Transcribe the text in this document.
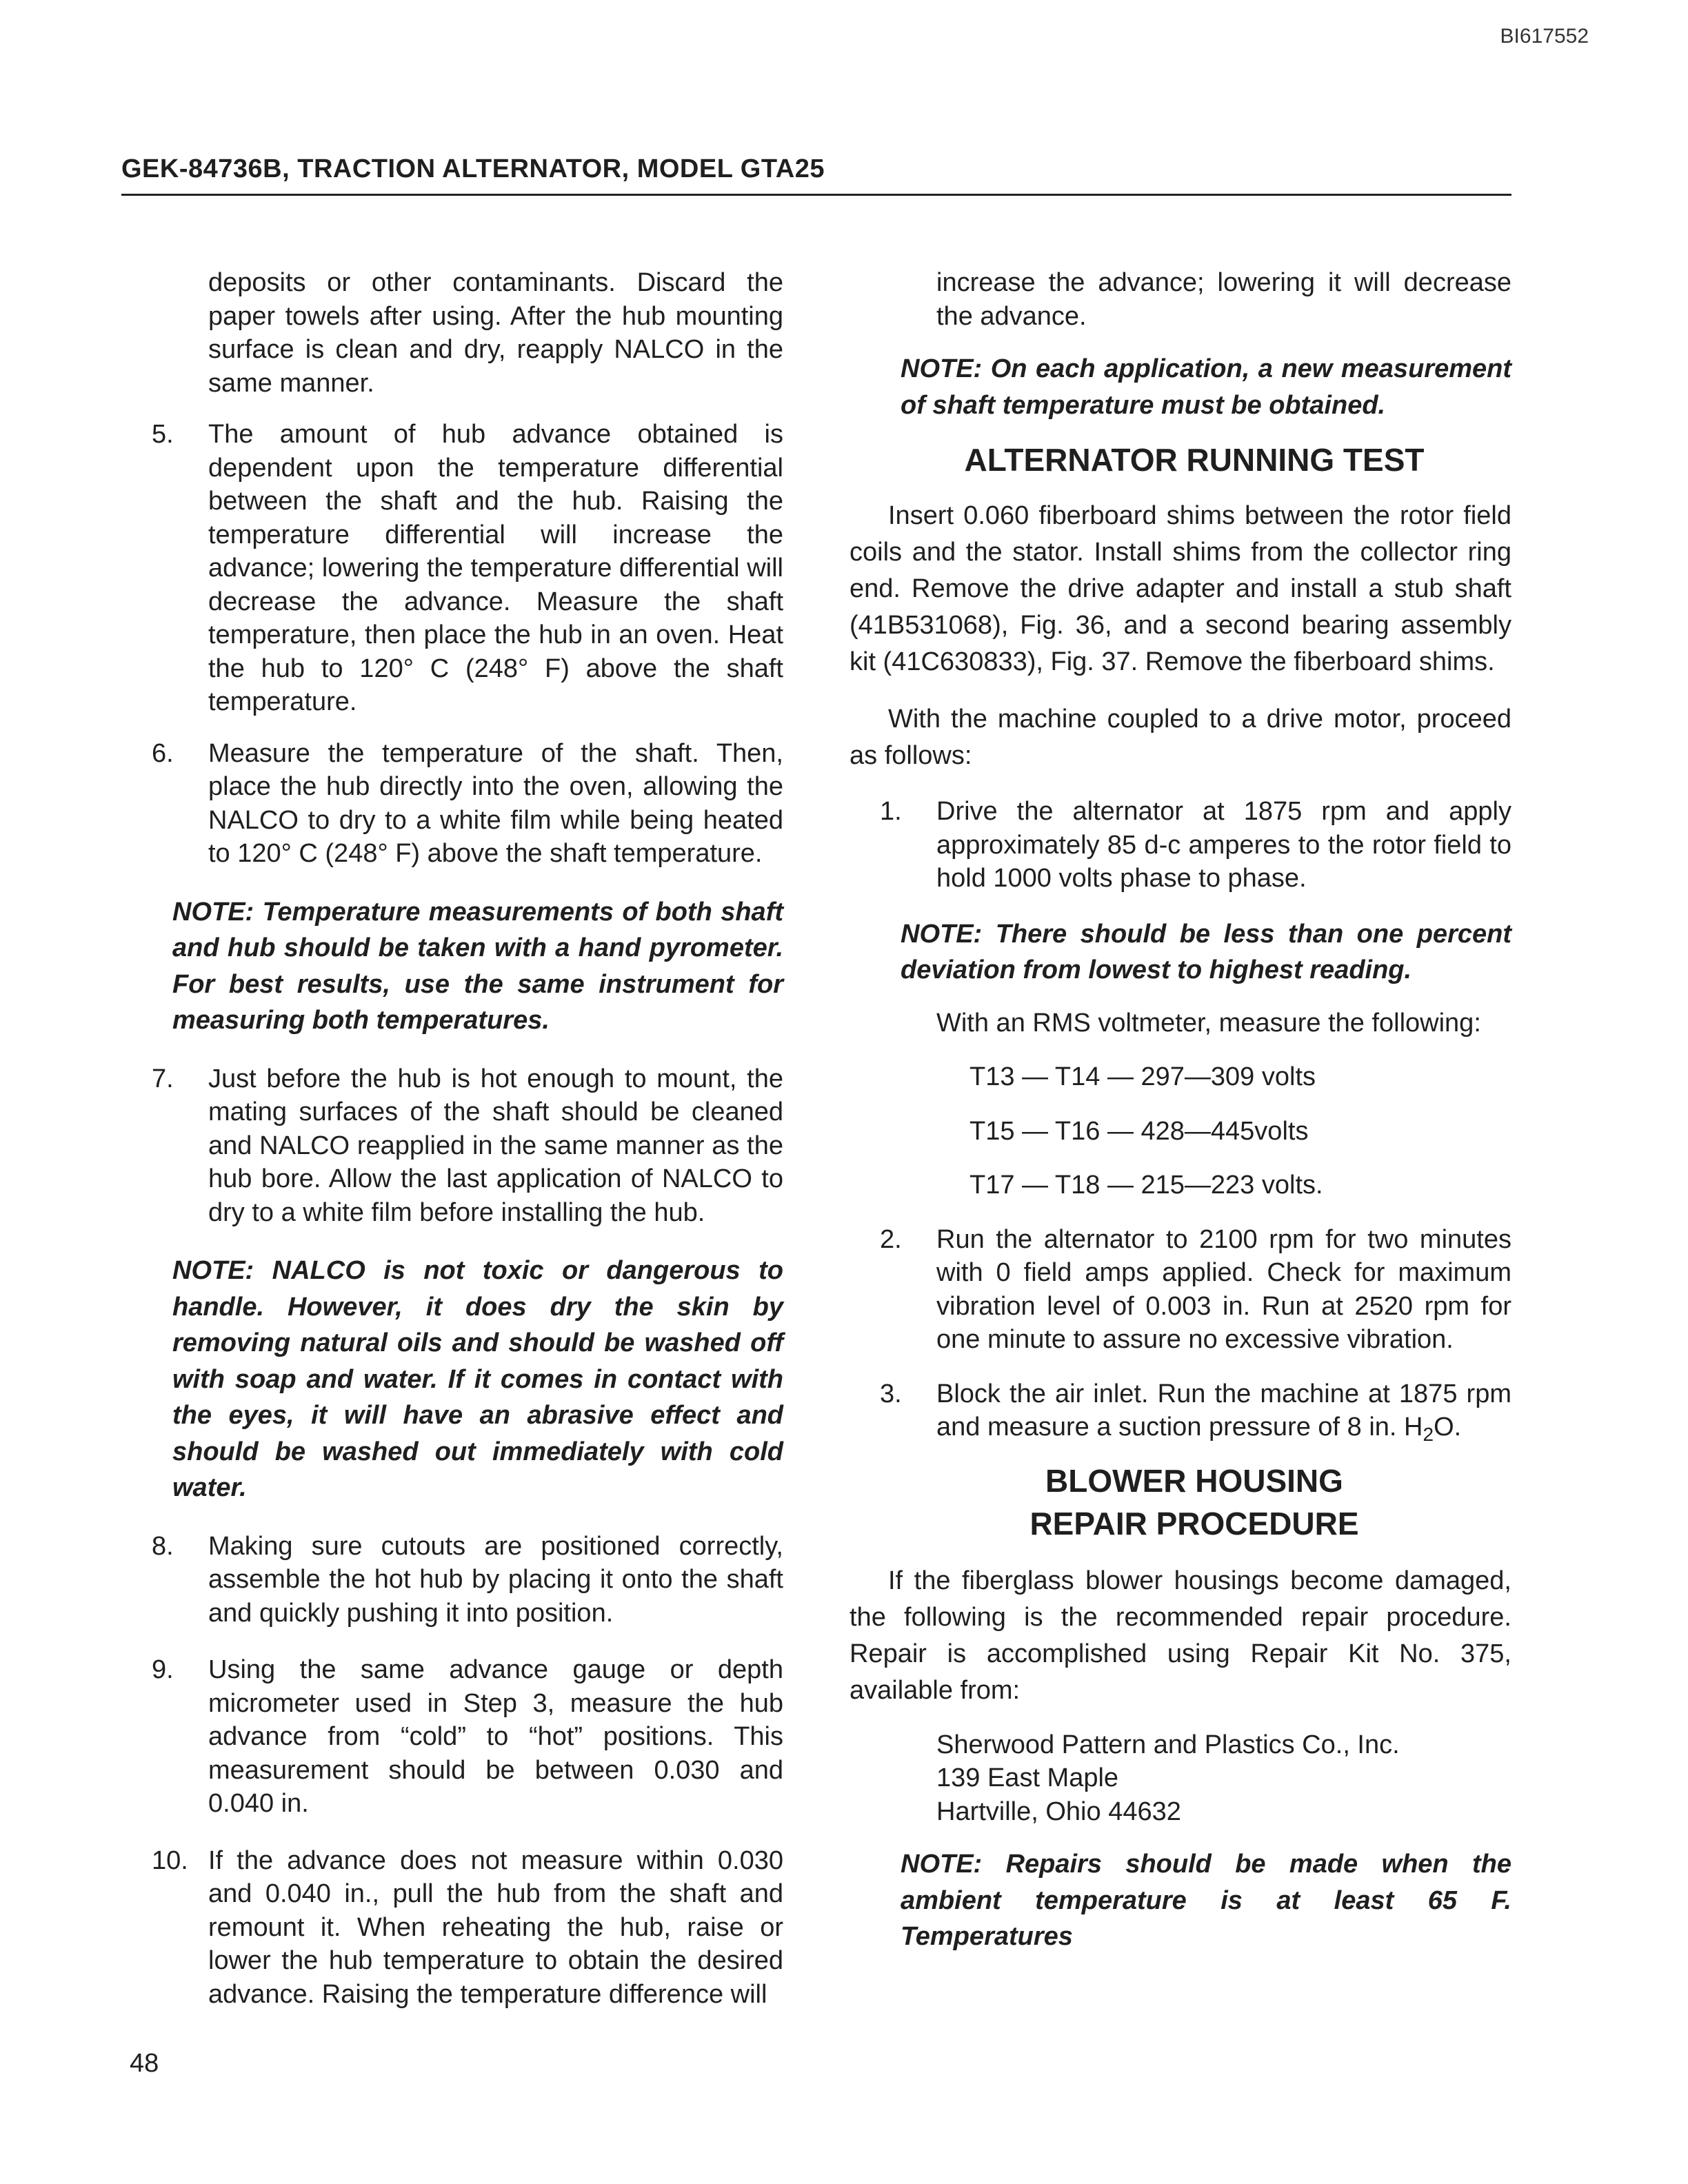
BI617552
GEK-84736B, TRACTION ALTERNATOR, MODEL GTA25

deposits or other contaminants. Discard the paper towels after using. After the hub mounting surface is clean and dry, reapply NALCO in the same manner.

5. The amount of hub advance obtained is dependent upon the temperature differential between the shaft and the hub. Raising the temperature differential will increase the advance; lowering the temperature differential will decrease the advance. Measure the shaft temperature, then place the hub in an oven. Heat the hub to 120° C (248° F) above the shaft temperature.
6. Measure the temperature of the shaft. Then, place the hub directly into the oven, allowing the NALCO to dry to a white film while being heated to 120° C (248° F) above the shaft temperature.

NOTE: Temperature measurements of both shaft and hub should be taken with a hand pyrometer. For best results, use the same instrument for measuring both temperatures.

7. Just before the hub is hot enough to mount, the mating surfaces of the shaft should be cleaned and NALCO reapplied in the same manner as the hub bore. Allow the last application of NALCO to dry to a white film before installing the hub.

NOTE: NALCO is not toxic or dangerous to handle. However, it does dry the skin by removing natural oils and should be washed off with soap and water. If it comes in contact with the eyes, it will have an abrasive effect and should be washed out immediately with cold water.

8. Making sure cutouts are positioned correctly, assemble the hot hub by placing it onto the shaft and quickly pushing it into position.
9. Using the same advance gauge or depth micrometer used in Step 3, measure the hub advance from “cold” to “hot” positions. This measurement should be between 0.030 and 0.040 in.
10. If the advance does not measure within 0.030 and 0.040 in., pull the hub from the shaft and remount it. When reheating the hub, raise or lower the hub temperature to obtain the desired advance. Raising the temperature difference will

increase the advance; lowering it will decrease the advance.

NOTE: On each application, a new measurement of shaft temperature must be obtained.

ALTERNATOR RUNNING TEST

Insert 0.060 fiberboard shims between the rotor field coils and the stator. Install shims from the collector ring end. Remove the drive adapter and install a stub shaft (41B531068), Fig. 36, and a second bearing assembly kit (41C630833), Fig. 37. Remove the fiberboard shims.

With the machine coupled to a drive motor, proceed as follows:

1. Drive the alternator at 1875 rpm and apply approximately 85 d-c amperes to the rotor field to hold 1000 volts phase to phase.

NOTE: There should be less than one percent deviation from lowest to highest reading.

With an RMS voltmeter, measure the following:

T13 — T14 — 297—309 volts

T15 — T16 — 428—445volts

T17 — T18 — 215—223 volts.

2. Run the alternator to 2100 rpm for two minutes with 0 field amps applied. Check for maximum vibration level of 0.003 in. Run at 2520 rpm for one minute to assure no excessive vibration.
3. Block the air inlet. Run the machine at 1875 rpm and measure a suction pressure of 8 in. $H_2O$.
BLOWER HOUSING
REPAIR PROCEDURE

If the fiberglass blower housings become damaged, the following is the recommended repair procedure. Repair is accomplished using Repair Kit No. 375, available from:

Sherwood Pattern and Plastics Co., Inc.
139 East Maple
Hartville, Ohio 44632

NOTE: Repairs should be made when the ambient temperature is at least 65 F. Temperatures

48
